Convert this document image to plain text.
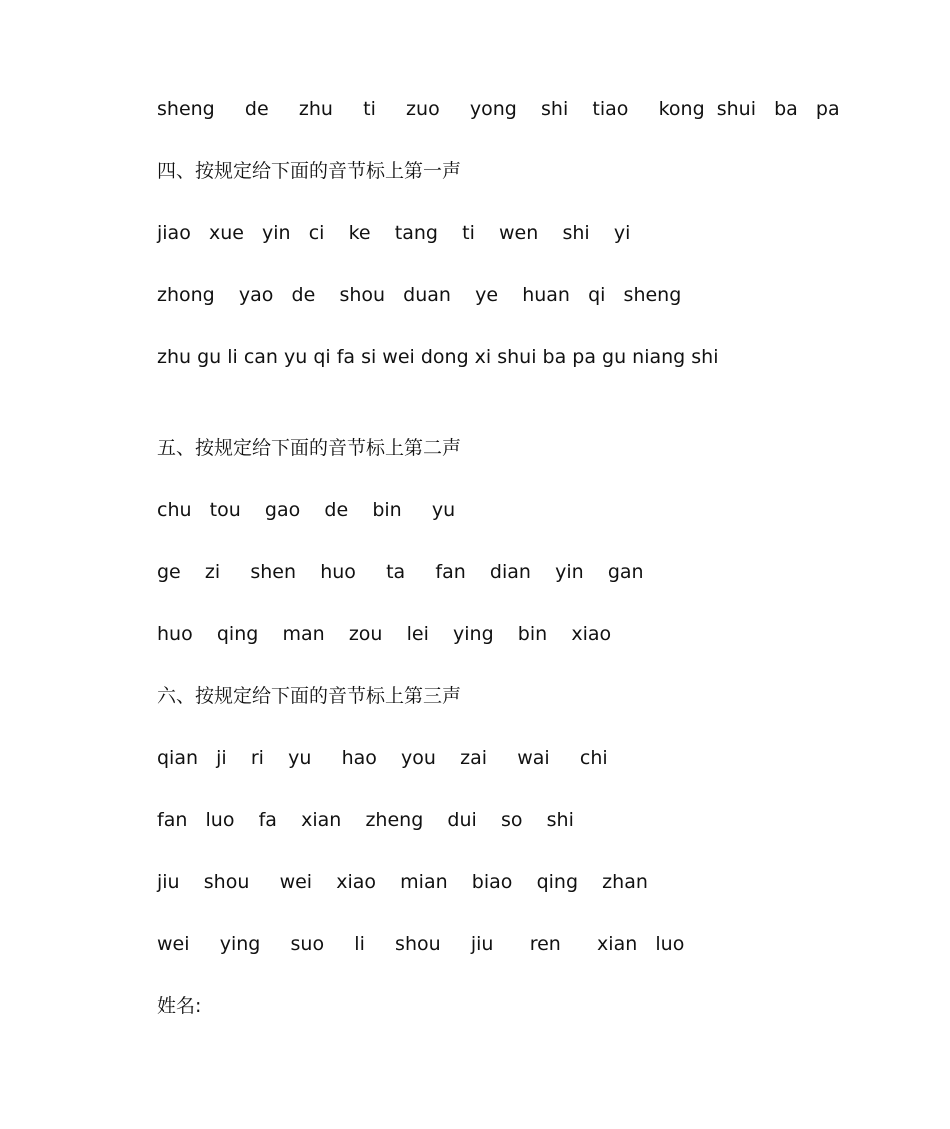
sheng     de     zhu     ti     zuo     yong    shi    tiao     kong  shui   ba   pa
四、按规定给下面的音节标上第一声
jiao   xue   yin   ci    ke    tang    ti    wen    shi    yi
zhong    yao   de    shou   duan    ye    huan   qi   sheng
zhu gu li can yu qi fa si wei dong xi shui ba pa gu niang shi
五、按规定给下面的音节标上第二声
chu   tou    gao    de    bin     yu
ge    zi     shen    huo     ta     fan    dian    yin    gan
huo    qing    man    zou    lei    ying    bin    xiao
六、按规定给下面的音节标上第三声
qian   ji    ri    yu     hao    you    zai     wai     chi
fan   luo    fa    xian    zheng    dui    so    shi
jiu    shou     wei    xiao    mian    biao    qing    zhan
wei     ying     suo     li     shou     jiu      ren      xian   luo
姓名:
